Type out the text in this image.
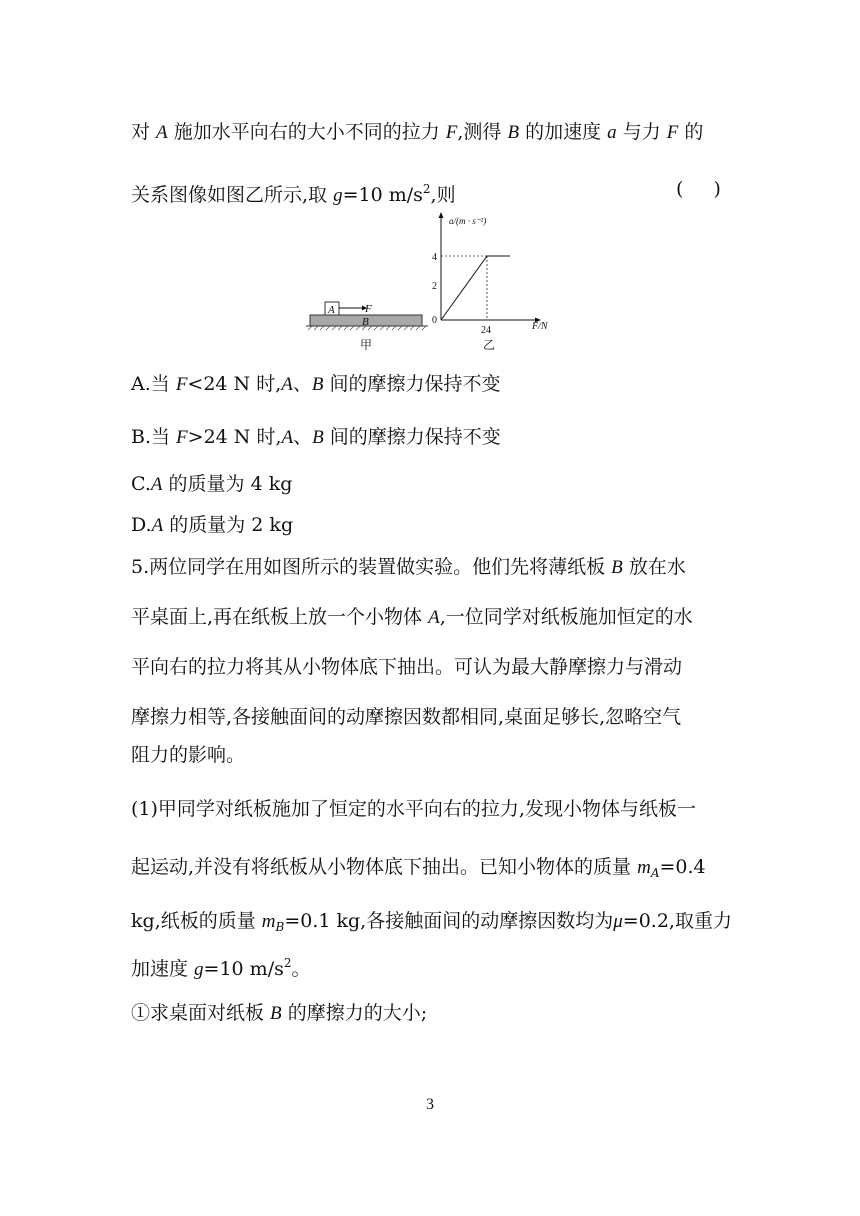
对 A 施加水平向右的大小不同的拉力 F,测得 B 的加速度 a 与力 F 的
关系图像如图乙所示,取 g=10 $m/s^2$,则	( )
B
A	F
甲
a/(m · s⁻²)
F/N
0
4
2
24
乙
A.当 F<24 N 时,A、B 间的摩擦力保持不变
B.当 F>24 N 时,A、B 间的摩擦力保持不变
C.A 的质量为 4 kg
D.A 的质量为 2 kg
5.两位同学在用如图所示的装置做实验。他们先将薄纸板 B 放在水
平桌面上,再在纸板上放一个小物体 A,一位同学对纸板施加恒定的水
平向右的拉力将其从小物体底下抽出。可认为最大静摩擦力与滑动
摩擦力相等,各接触面间的动摩擦因数都相同,桌面足够长,忽略空气
阻力的影响。
(1)甲同学对纸板施加了恒定的水平向右的拉力,发现小物体与纸板一
起运动,并没有将纸板从小物体底下抽出。已知小物体的质量 $m_A=0.4$
kg,纸板的质量 $m_B=0.1$ kg,各接触面间的动摩擦因数均为μ=0.2,取重力
加速度 g=10 $m/s^2$。
①求桌面对纸板 B 的摩擦力的大小;
3
